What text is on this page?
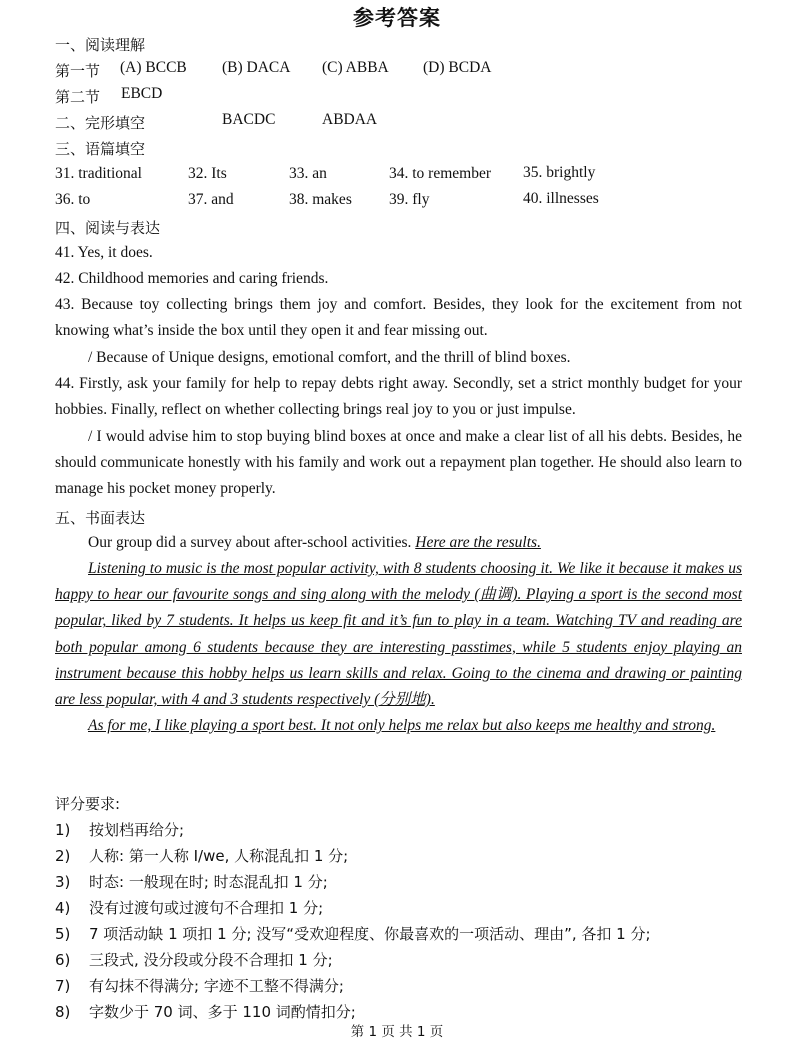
参考答案
一、阅读理解
第一节 (A) BCCB (B) DACA (C) ABBA (D) BCDA
第二节 EBCD
二、完形填空	BACDC	ABDAA
三、语篇填空
31. traditional	32. Its	33. an	34. to remember 35. brightly
36. to	37. and	38. makes 39. fly	40. illnesses
四、阅读与表达
41. Yes, it does.
42. Childhood memories and caring friends.
43. Because toy collecting brings them joy and comfort. Besides, they look for the excitement from not knowing what’s inside the box until they open it and fear missing out.
/ Because of Unique designs, emotional comfort, and the thrill of blind boxes.
44. Firstly, ask your family for help to repay debts right away. Secondly, set a strict monthly budget for your hobbies. Finally, reflect on whether collecting brings real joy to you or just impulse.
/ I would advise him to stop buying blind boxes at once and make a clear list of all his debts. Besides, he should communicate honestly with his family and work out a repayment plan together. He should also learn to manage his pocket money properly.
五、书面表达
Our group did a survey about after-school activities. Here are the results.
Listening to music is the most popular activity, with 8 students choosing it. We like it because it makes us happy to hear our favourite songs and sing along with the melody (曲调). Playing a sport is the second most popular, liked by 7 students. It helps us keep fit and it’s fun to play in a team. Watching TV and reading are both popular among 6 students because they are interesting passtimes, while 5 students enjoy playing an instrument because this hobby helps us learn skills and relax. Going to the cinema and drawing or painting are less popular, with 4 and 3 students respectively (分别地).
As for me, I like playing a sport best. It not only helps me relax but also keeps me healthy and strong.
评分要求:
1) 按划档再给分;
2) 人称: 第一人称 I/we, 人称混乱扣 1 分;
3) 时态: 一般现在时; 时态混乱扣 1 分;
4) 没有过渡句或过渡句不合理扣 1 分;
5) 7 项活动缺 1 项扣 1 分; 没写“受欢迎程度、你最喜欢的一项活动、理由”, 各扣 1 分;
6) 三段式, 没分段或分段不合理扣 1 分;
7) 有勾抹不得满分; 字迹不工整不得满分;
8) 字数少于 70 词、多于 110 词酌情扣分;
第 1 页 共 1 页
